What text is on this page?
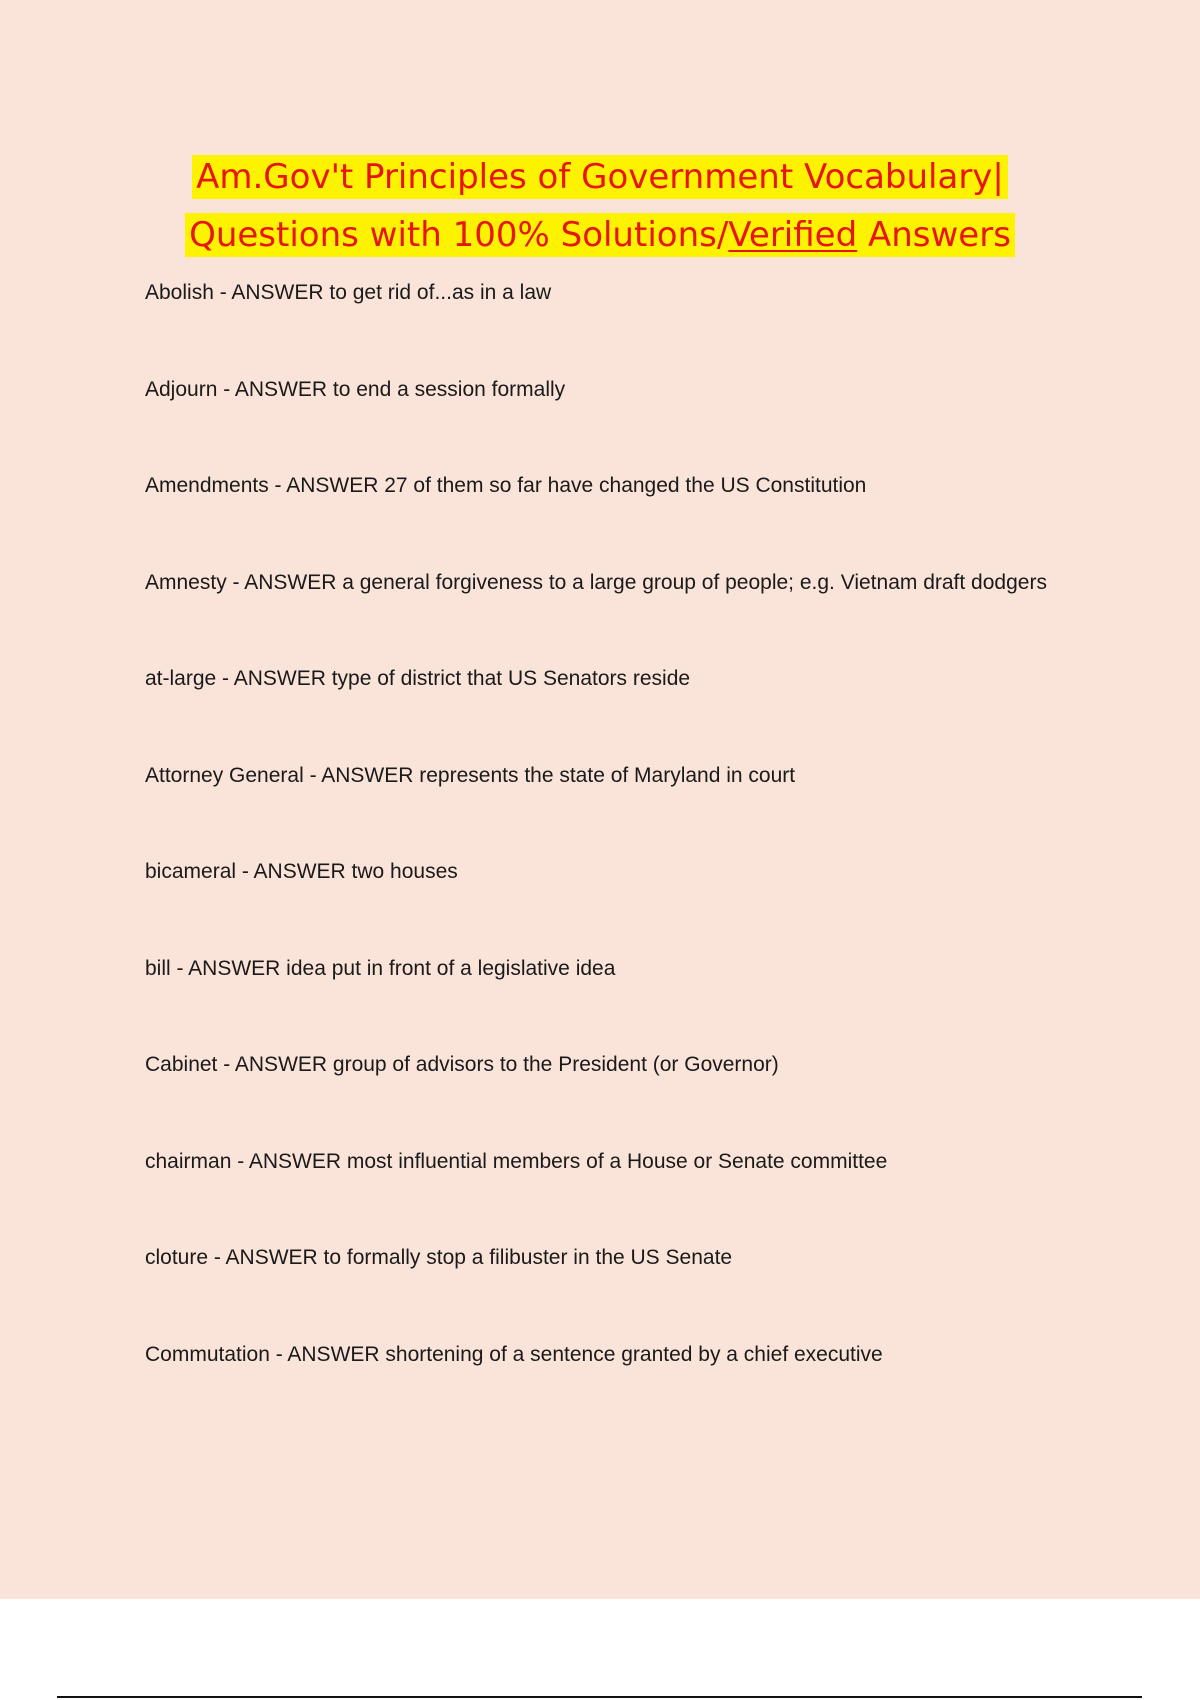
Am.Gov't Principles of Government Vocabulary|
Questions with 100% Solutions/Verified Answers
Abolish - ANSWER to get rid of...as in a law
Adjourn - ANSWER to end a session formally
Amendments - ANSWER 27 of them so far have changed the US Constitution
Amnesty - ANSWER a general forgiveness to a large group of people; e.g. Vietnam draft dodgers
at-large - ANSWER type of district that US Senators reside
Attorney General - ANSWER represents the state of Maryland in court
bicameral - ANSWER two houses
bill - ANSWER idea put in front of a legislative idea
Cabinet - ANSWER group of advisors to the President (or Governor)
chairman - ANSWER most influential members of a House or Senate committee
cloture - ANSWER to formally stop a filibuster in the US Senate
Commutation - ANSWER shortening of a sentence granted by a chief executive
